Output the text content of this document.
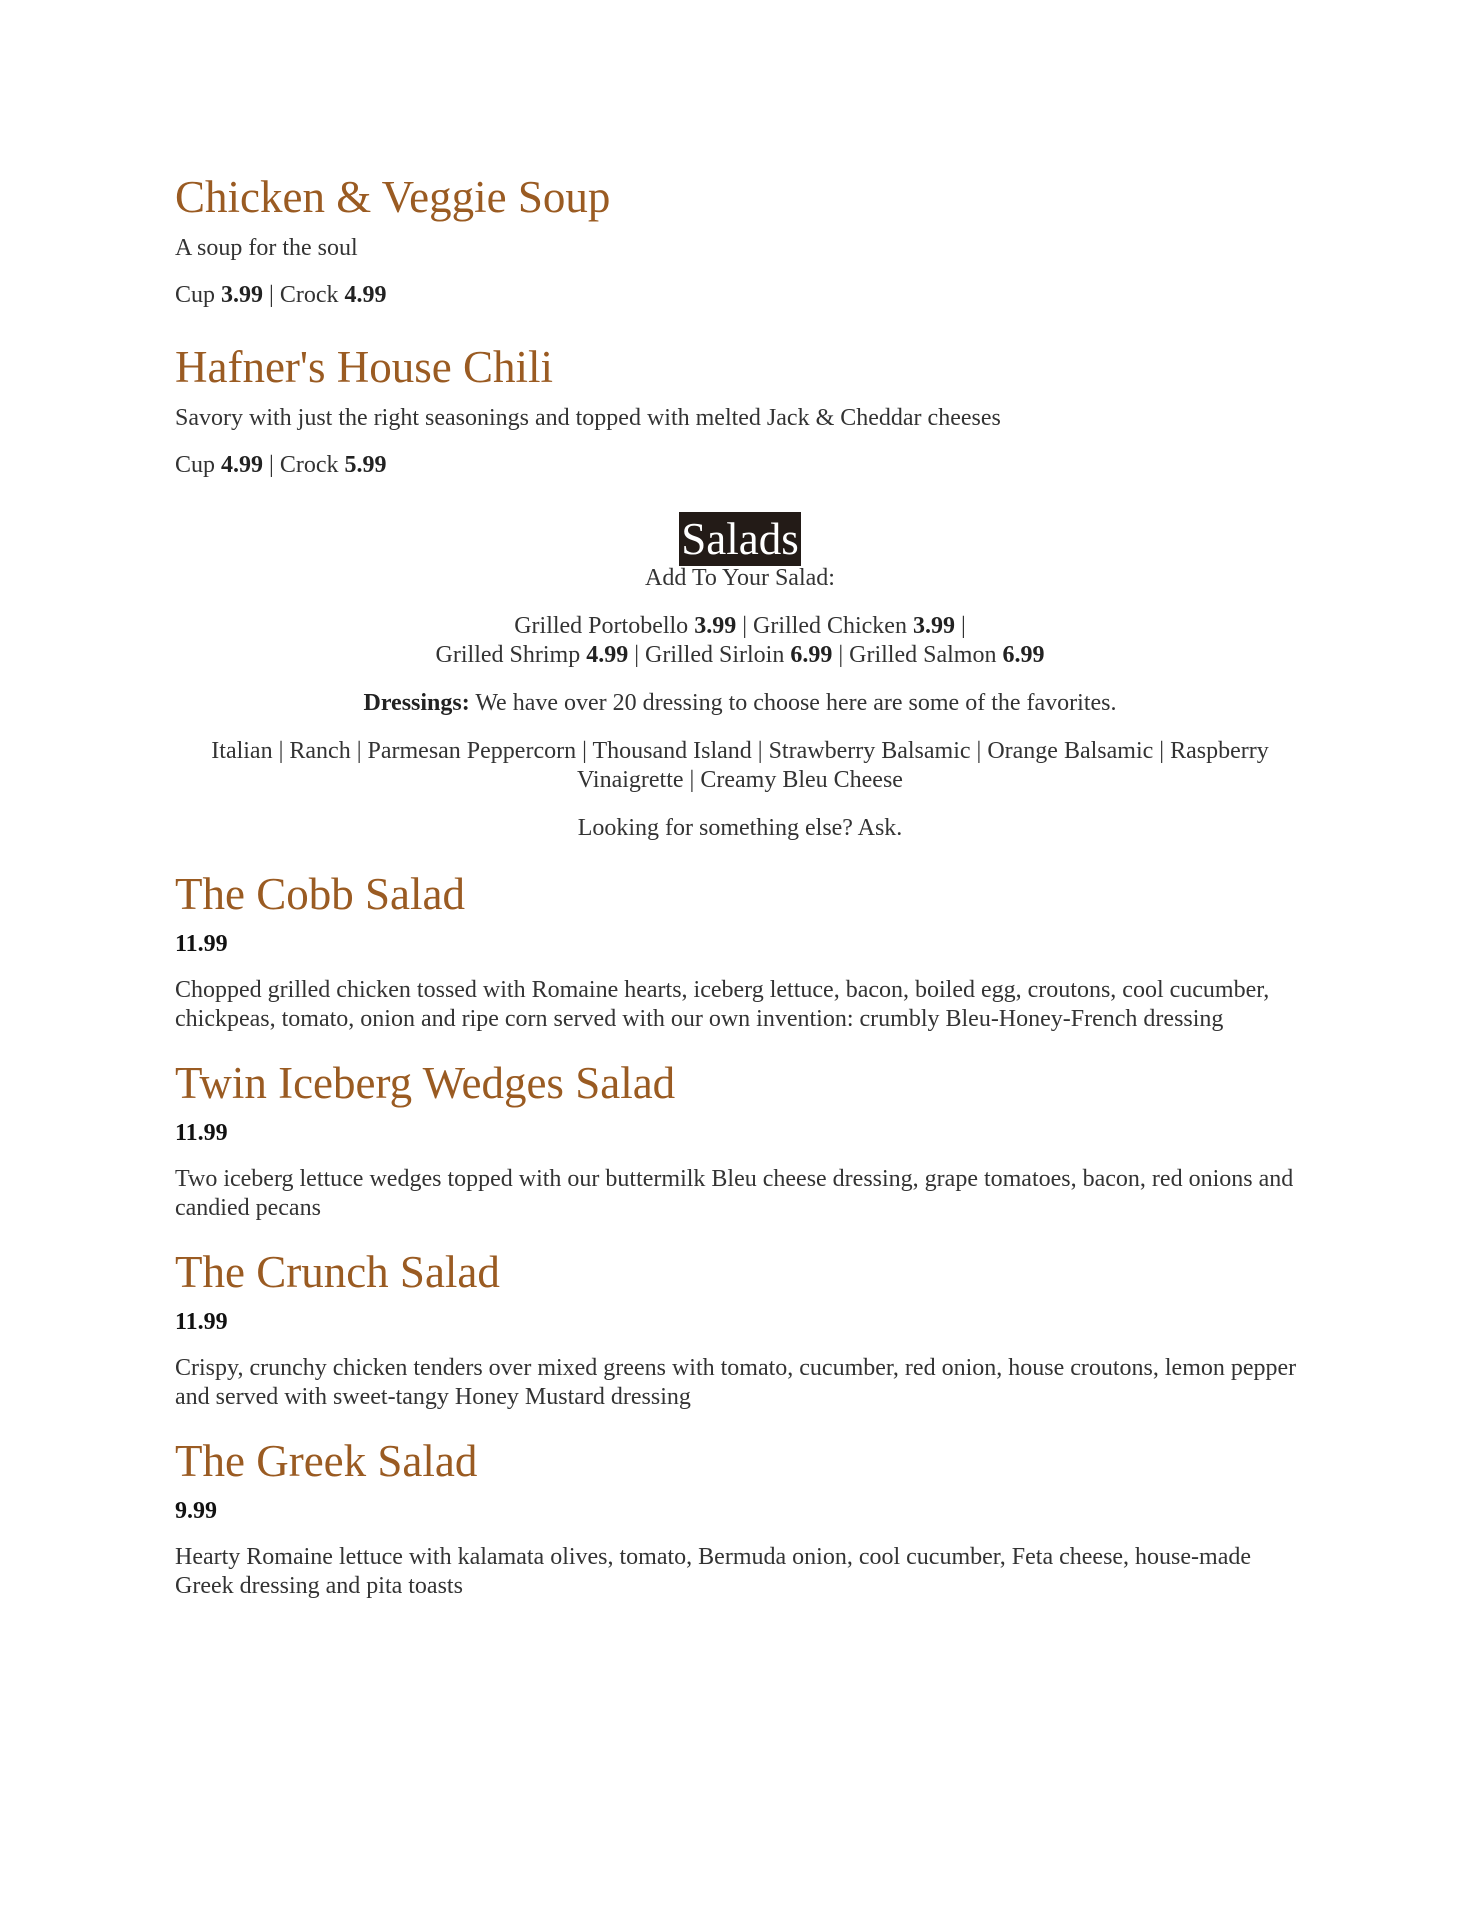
Chicken & Veggie Soup

A soup for the soul

Cup 3.99 | Crock 4.99

Hafner's House Chili

Savory with just the right seasonings and topped with melted Jack & Cheddar cheeses

Cup 4.99 | Crock 5.99

Salads

Add To Your Salad:

Grilled Portobello 3.99 | Grilled Chicken 3.99 |
Grilled Shrimp 4.99 | Grilled Sirloin 6.99 | Grilled Salmon 6.99

Dressings: We have over 20 dressing to choose here are some of the favorites.

Italian | Ranch | Parmesan Peppercorn | Thousand Island | Strawberry Balsamic | Orange Balsamic | Raspberry
Vinaigrette | Creamy Bleu Cheese

Looking for something else? Ask.

The Cobb Salad

11.99

Chopped grilled chicken tossed with Romaine hearts, iceberg lettuce, bacon, boiled egg, croutons, cool cucumber, chickpeas, tomato, onion and ripe corn served with our own invention: crumbly Bleu-Honey-French dressing

Twin Iceberg Wedges Salad

11.99

Two iceberg lettuce wedges topped with our buttermilk Bleu cheese dressing, grape tomatoes, bacon, red onions and candied pecans

The Crunch Salad

11.99

Crispy, crunchy chicken tenders over mixed greens with tomato, cucumber, red onion, house croutons, lemon pepper and served with sweet-tangy Honey Mustard dressing

The Greek Salad

9.99

Hearty Romaine lettuce with kalamata olives, tomato, Bermuda onion, cool cucumber, Feta cheese, house-made Greek dressing and pita toasts
